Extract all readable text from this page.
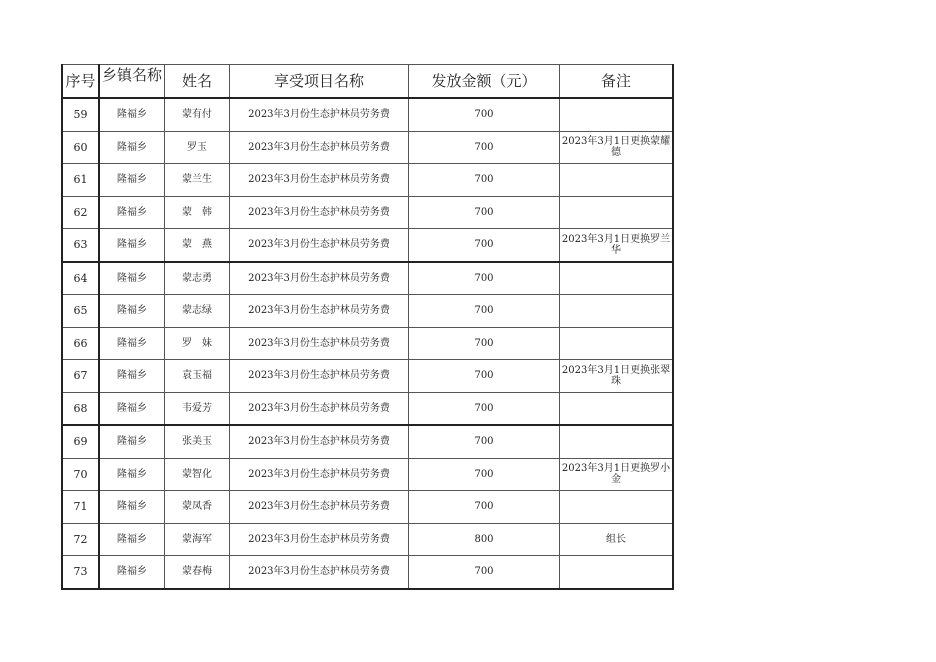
序号	乡镇名称	姓名	享受项目名称	发放金额（元）	备注
59	隆福乡	蒙有付	2023年3月份生态护林员劳务费	700	
60	隆福乡	罗玉	2023年3月份生态护林员劳务费	700	2023年3月1日更换蒙耀德
61	隆福乡	蒙兰生	2023年3月份生态护林员劳务费	700	
62	隆福乡	蒙　韩	2023年3月份生态护林员劳务费	700	
63	隆福乡	蒙　燕	2023年3月份生态护林员劳务费	700	2023年3月1日更换罗兰华
64	隆福乡	蒙志勇	2023年3月份生态护林员劳务费	700	
65	隆福乡	蒙志绿	2023年3月份生态护林员劳务费	700	
66	隆福乡	罗　妹	2023年3月份生态护林员劳务费	700	
67	隆福乡	袁玉福	2023年3月份生态护林员劳务费	700	2023年3月1日更换张翠珠
68	隆福乡	韦爱芳	2023年3月份生态护林员劳务费	700	
69	隆福乡	张美玉	2023年3月份生态护林员劳务费	700	
70	隆福乡	蒙智化	2023年3月份生态护林员劳务费	700	2023年3月1日更换罗小金
71	隆福乡	蒙凤香	2023年3月份生态护林员劳务费	700	
72	隆福乡	蒙海军	2023年3月份生态护林员劳务费	800	组长
73	隆福乡	蒙春梅	2023年3月份生态护林员劳务费	700	
